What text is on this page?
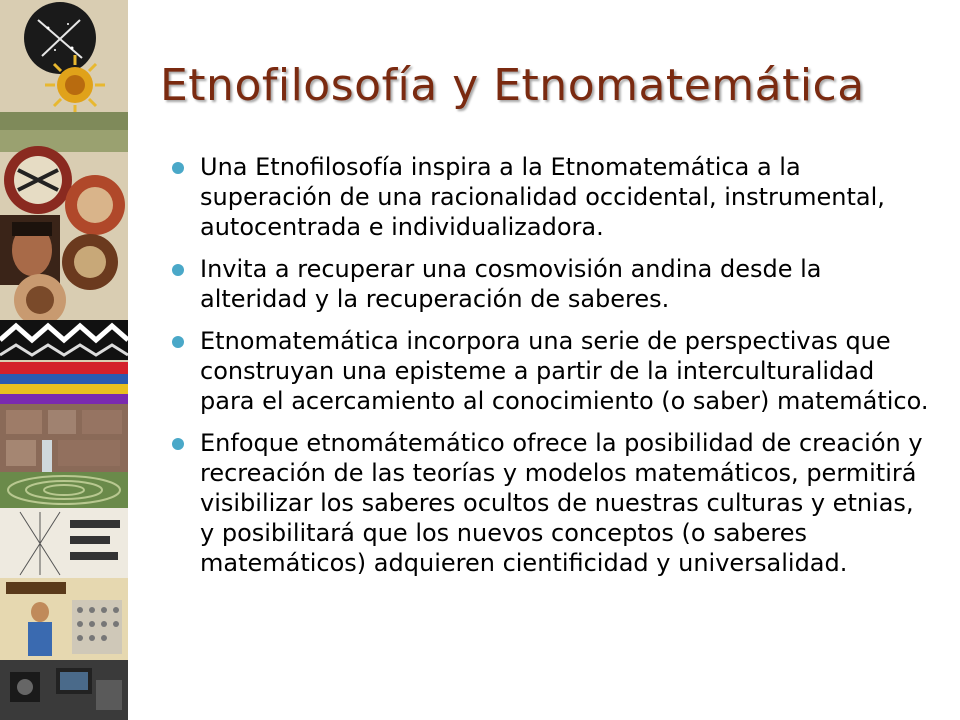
Etnofilosofía y Etnomatemática
Una Etnofilosofía inspira a la Etnomatemática a la superación de una racionalidad occidental, instrumental, autocentrada e individualizadora.
Invita a recuperar una cosmovisión andina desde la alteridad y la recuperación de saberes.
Etnomatemática incorpora una serie de perspectivas que construyan una episteme a partir de la interculturalidad para el acercamiento al conocimiento (o saber) matemático.
Enfoque etnomátemático ofrece la posibilidad de creación y recreación de las teorías y modelos matemáticos, permitirá visibilizar los saberes ocultos de nuestras culturas y etnias, y posibilitará que los nuevos conceptos (o saberes matemáticos) adquieren cientificidad y universalidad.
